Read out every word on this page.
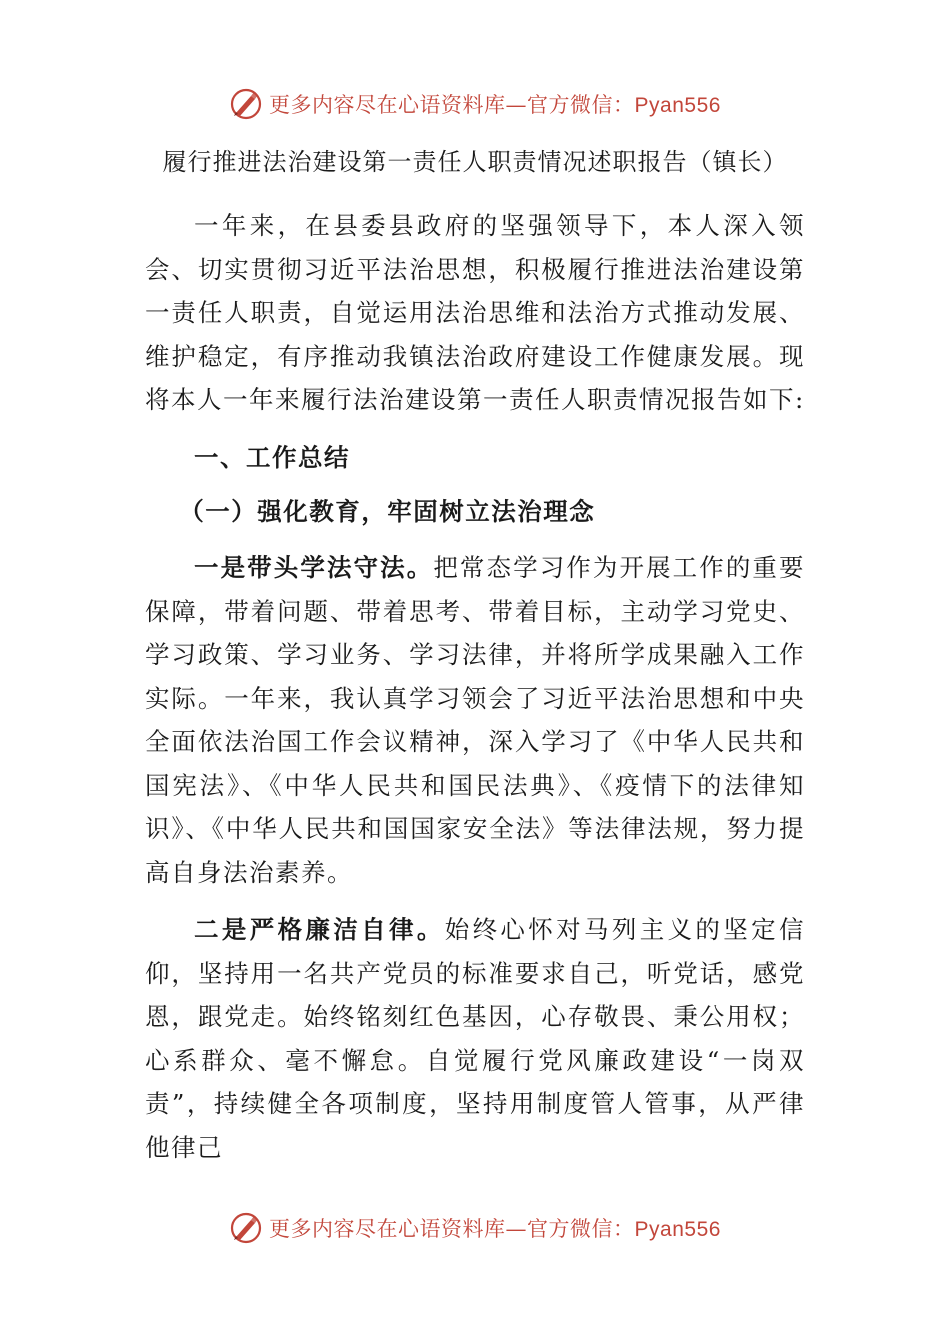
更多内容尽在心语资料库—官方微信：Pyan556
履行推进法治建设第一责任人职责情况述职报告（镇长）

一年来，在县委县政府的坚强领导下，本人深入领会、切实贯彻习近平法治思想，积极履行推进法治建设第一责任人职责，自觉运用法治思维和法治方式推动发展、维护稳定，有序推动我镇法治政府建设工作健康发展。现将本人一年来履行法治建设第一责任人职责情况报告如下:

一、工作总结
（一）强化教育，牢固树立法治理念

一是带头学法守法。把常态学习作为开展工作的重要保障，带着问题、带着思考、带着目标，主动学习党史、学习政策、学习业务、学习法律，并将所学成果融入工作实际。一年来，我认真学习领会了习近平法治思想和中央全面依法治国工作会议精神，深入学习了《中华人民共和国宪法》、《中华人民共和国民法典》、《疫情下的法律知识》、《中华人民共和国国家安全法》等法律法规，努力提高自身法治素养。

二是严格廉洁自律。始终心怀对马列主义的坚定信仰，坚持用一名共产党员的标准要求自己，听党话，感党恩，跟党走。始终铭刻红色基因，心存敬畏、秉公用权；心系群众、毫不懈怠。自觉履行党风廉政建设“一岗双责”，持续健全各项制度，坚持用制度管人管事，从严律他律己

更多内容尽在心语资料库—官方微信：Pyan556
